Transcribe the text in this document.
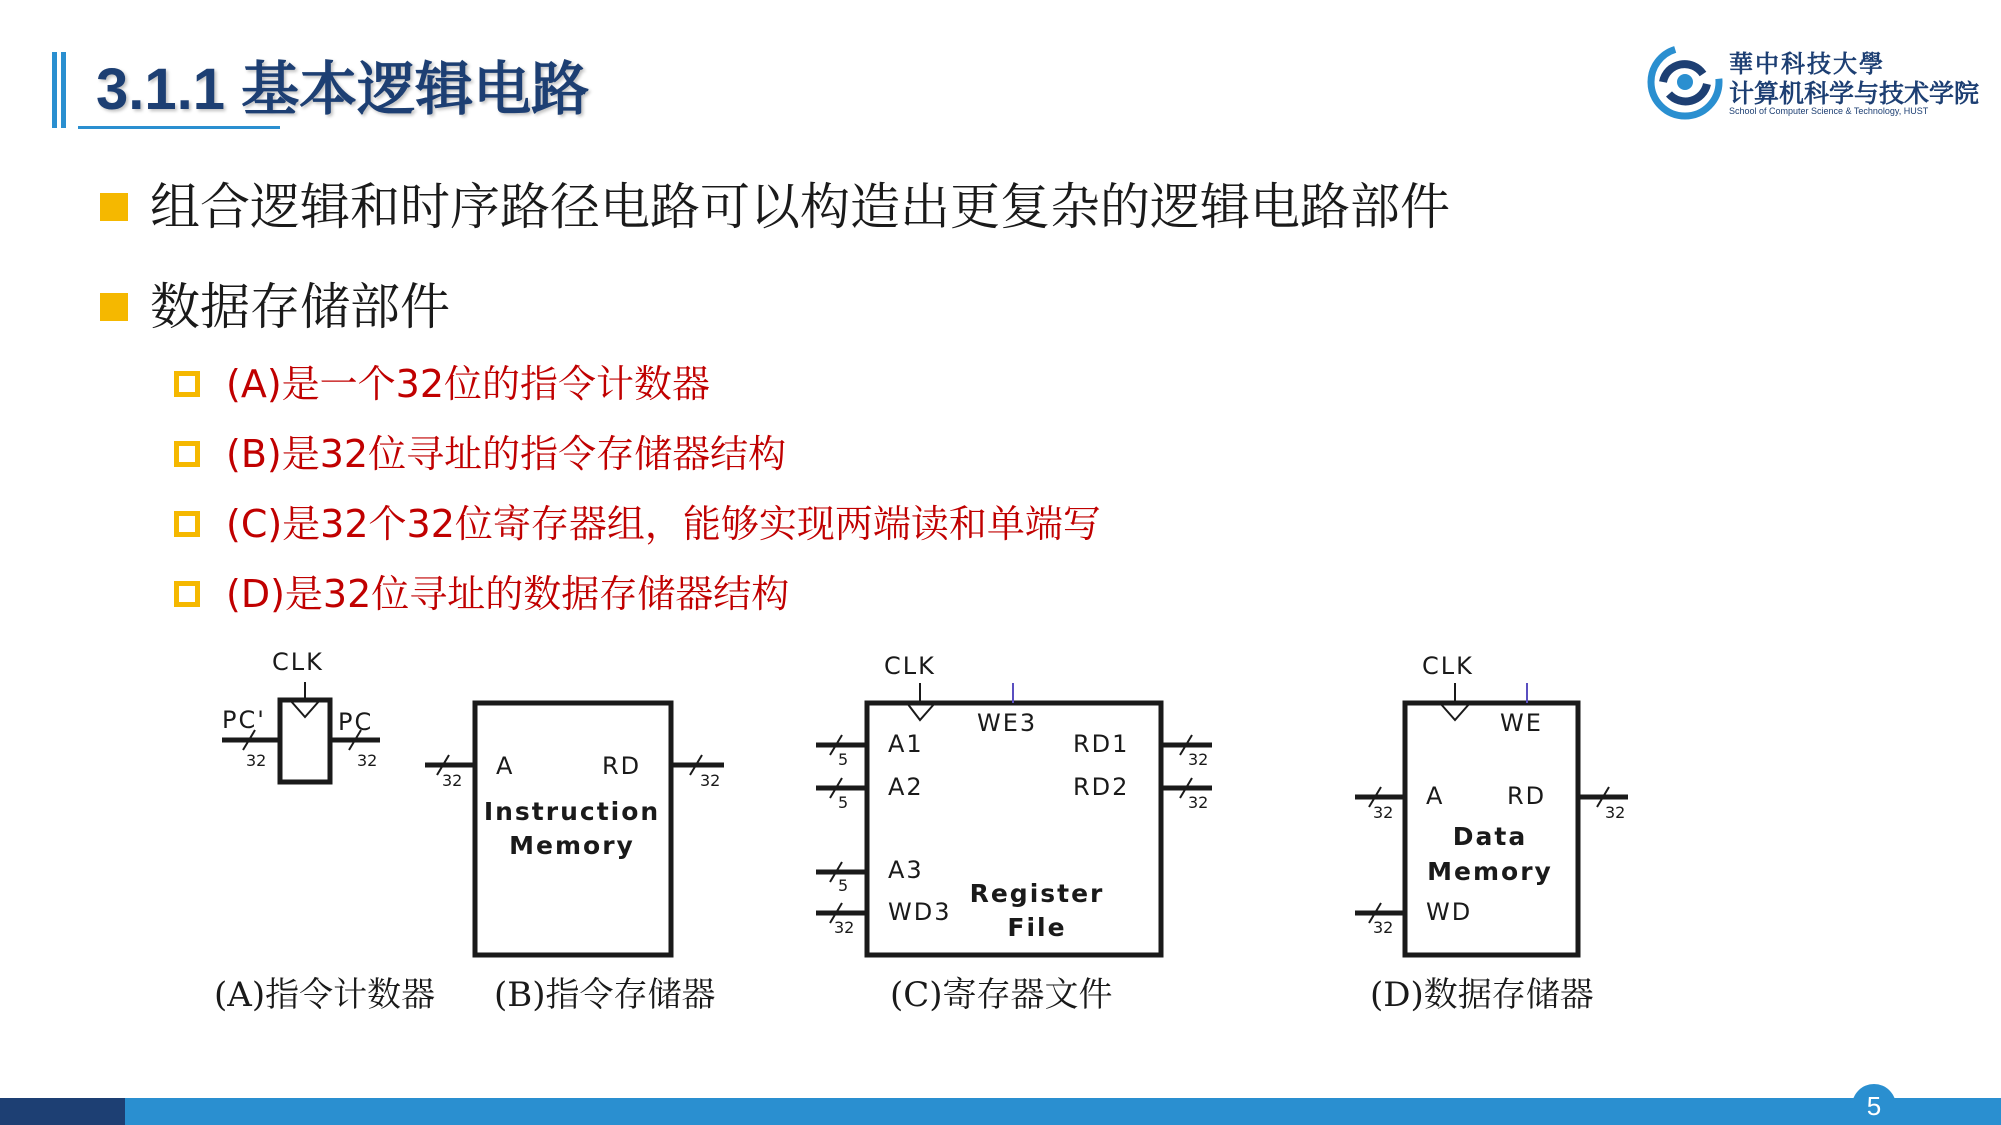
3.1.1 基本逻辑电路	華中科技大學
计算机科学与技术学院
School of Computer Science & Technology, HUST
组合逻辑和时序路径电路可以构造出更复杂的逻辑电路部件
数据存储部件
(A)是一个32位的指令计数器
(B)是32位寻址的指令存储器结构
(C)是32个32位寄存器组，能够实现两端读和单端写
(D)是32位寻址的数据存储器结构
CLK
PC'	PC
32	32
(A)指令计数器
A	RD
Instruction
Memory
32	32
(B)指令存储器
CLK
WE3
A1
A2
A3
WD3
RD1
RD2
Register
File
5
5
5
32
32
32
(C)寄存器文件
CLK
WE
A	RD
WD
Data
Memory
32
32
32
(D)数据存储器
5
